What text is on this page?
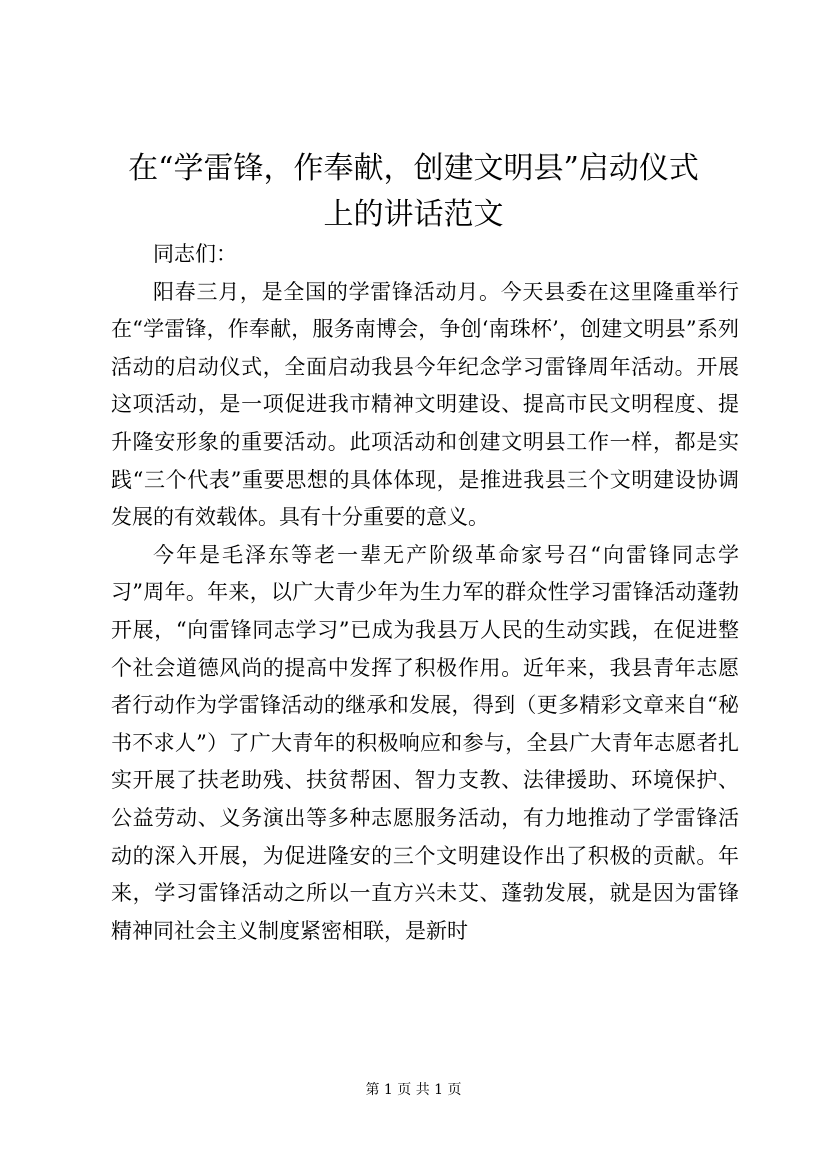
在“学雷锋，作奉献，创建文明县”启动仪式
上的讲话范文

同志们：

阳春三月，是全国的学雷锋活动月。今天县委在这里隆重举行在“学雷锋，作奉献，服务南博会，争创‘南珠杯’，创建文明县”系列活动的启动仪式，全面启动我县今年纪念学习雷锋周年活动。开展这项活动，是一项促进我市精神文明建设、提高市民文明程度、提升隆安形象的重要活动。此项活动和创建文明县工作一样，都是实践“三个代表”重要思想的具体体现，是推进我县三个文明建设协调发展的有效载体。具有十分重要的意义。

今年是毛泽东等老一辈无产阶级革命家号召“向雷锋同志学习”周年。年来，以广大青少年为生力军的群众性学习雷锋活动蓬勃开展，“向雷锋同志学习”已成为我县万人民的生动实践，在促进整个社会道德风尚的提高中发挥了积极作用。近年来，我县青年志愿者行动作为学雷锋活动的继承和发展，得到（更多精彩文章来自“秘书不求人”）了广大青年的积极响应和参与，全县广大青年志愿者扎实开展了扶老助残、扶贫帮困、智力支教、法律援助、环境保护、公益劳动、义务演出等多种志愿服务活动，有力地推动了学雷锋活动的深入开展，为促进隆安的三个文明建设作出了积极的贡献。年来，学习雷锋活动之所以一直方兴未艾、蓬勃发展，就是因为雷锋精神同社会主义制度紧密相联，是新时

第 1 页 共 1 页
